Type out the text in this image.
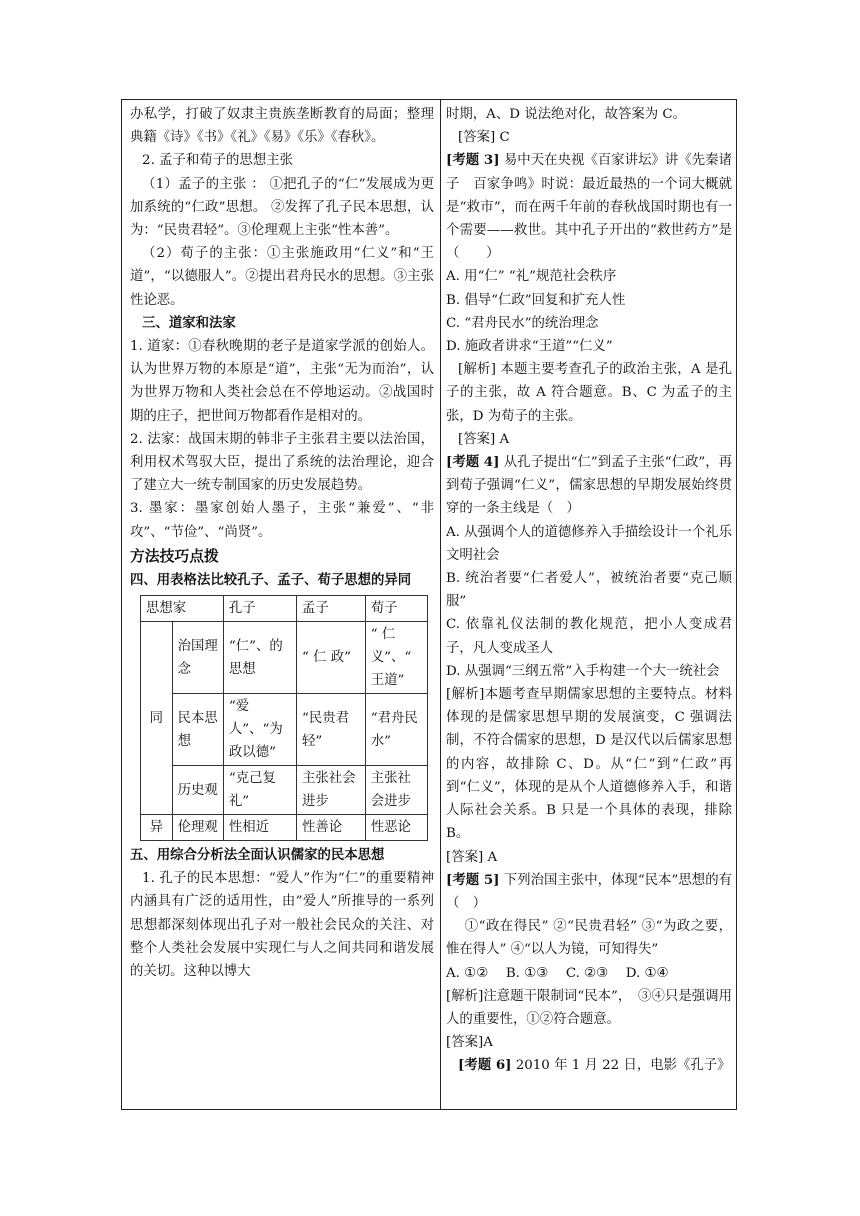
办私学，打破了奴隶主贵族垄断教育的局面；整理典籍《诗》《书》《礼》《易》《乐》《春秋》。

2. 孟子和荀子的思想主张

（1）孟子的主张 ： ①把孔子的“仁”发展成为更加系统的“仁政”思想。 ②发挥了孔子民本思想，认为：“民贵君轻”。③伦理观上主张“性本善”。

（2）荀子的主张：①主张施政用“仁义”和“王道”，“以德服人”。②提出君舟民水的思想。③主张性论恶。

三、道家和法家

1. 道家：①春秋晚期的老子是道家学派的创始人。认为世界万物的本原是“道”，主张“无为而治”，认为世界万物和人类社会总在不停地运动。②战国时期的庄子，把世间万物都看作是相对的。

2. 法家：战国末期的韩非子主张君主要以法治国，利用权术驾驭大臣，提出了系统的法治理论，迎合了建立大一统专制国家的历史发展趋势。

3. 墨家：墨家创始人墨子，主张“兼爱”、“非攻”、“节俭”、“尚贤”。

方法技巧点拨

四、用表格法比较孔子、孟子、荀子思想的异同

思想家		孔子	孟子	荀子
同	治国理念	“仁”、的思想	“ 仁 政”	“ 仁义”、“ 王道”
	民本思想	“爱人”、“为政以德”	“民贵君轻”	“君舟民水”
	历史观	“克己复礼”	主张社会进步	主张社会进步
异	伦理观	性相近	性善论	性恶论

五、用综合分析法全面认识儒家的民本思想

1. 孔子的民本思想：“爱人”作为“仁”的重要精神内涵具有广泛的适用性，由”爱人”所推导的一系列思想都深刻体现出孔子对一般社会民众的关注、对整个人类社会发展中实现仁与人之间共同和谐发展的关切。这种以博大

时期，A、D 说法绝对化，故答案为 C。

[答案] C

[考题 3] 易中天在央视《百家讲坛》讲《先秦诸子　百家争鸣》时说：最近最热的一个词大概就是“救市”，而在两千年前的春秋战国时期也有一个需要——救世。其中孔子开出的“救世药方”是（　　）

A. 用“仁” “礼”规范社会秩序

B. 倡导“仁政”回复和扩充人性

C. “君舟民水”的统治理念

D. 施政者讲求“王道”“仁义”

[解析] 本题主要考查孔子的政治主张，A 是孔子的主张，故 A 符合题意。B、C 为孟子的主张，D 为荀子的主张。

[答案] A

[考题 4] 从孔子提出“仁”到孟子主张“仁政”，再到荀子强调“仁义”，儒家思想的早期发展始终贯穿的一条主线是（　）

A. 从强调个人的道德修养入手描绘设计一个礼乐文明社会

B. 统治者要“仁者爱人”，被统治者要“克己顺服”

C. 依靠礼仪法制的教化规范，把小人变成君子，凡人变成圣人

D. 从强调“三纲五常”入手构建一个大一统社会

[解析]本题考查早期儒家思想的主要特点。材料体现的是儒家思想早期的发展演变，C 强调法制，不符合儒家的思想，D 是汉代以后儒家思想的内容，故排除 C、D。从“仁”到“仁政”再到“仁义”，体现的是从个人道德修养入手，和谐人际社会关系。B 只是一个具体的表现，排除 B。

[答案] A

[考题 5] 下列治国主张中，体现“民本”思想的有（　）

①“政在得民” ②“民贵君轻” ③“为政之要，惟在得人” ④“以人为镜，可知得失”

A. ①②　 B. ①③　 C. ②③　 D. ①④

[解析]注意题干限制词“民本”，　③④只是强调用人的重要性，①②符合题意。

[答案]A

[考题 6] 2010 年 1 月 22 日，电影《孔子》
